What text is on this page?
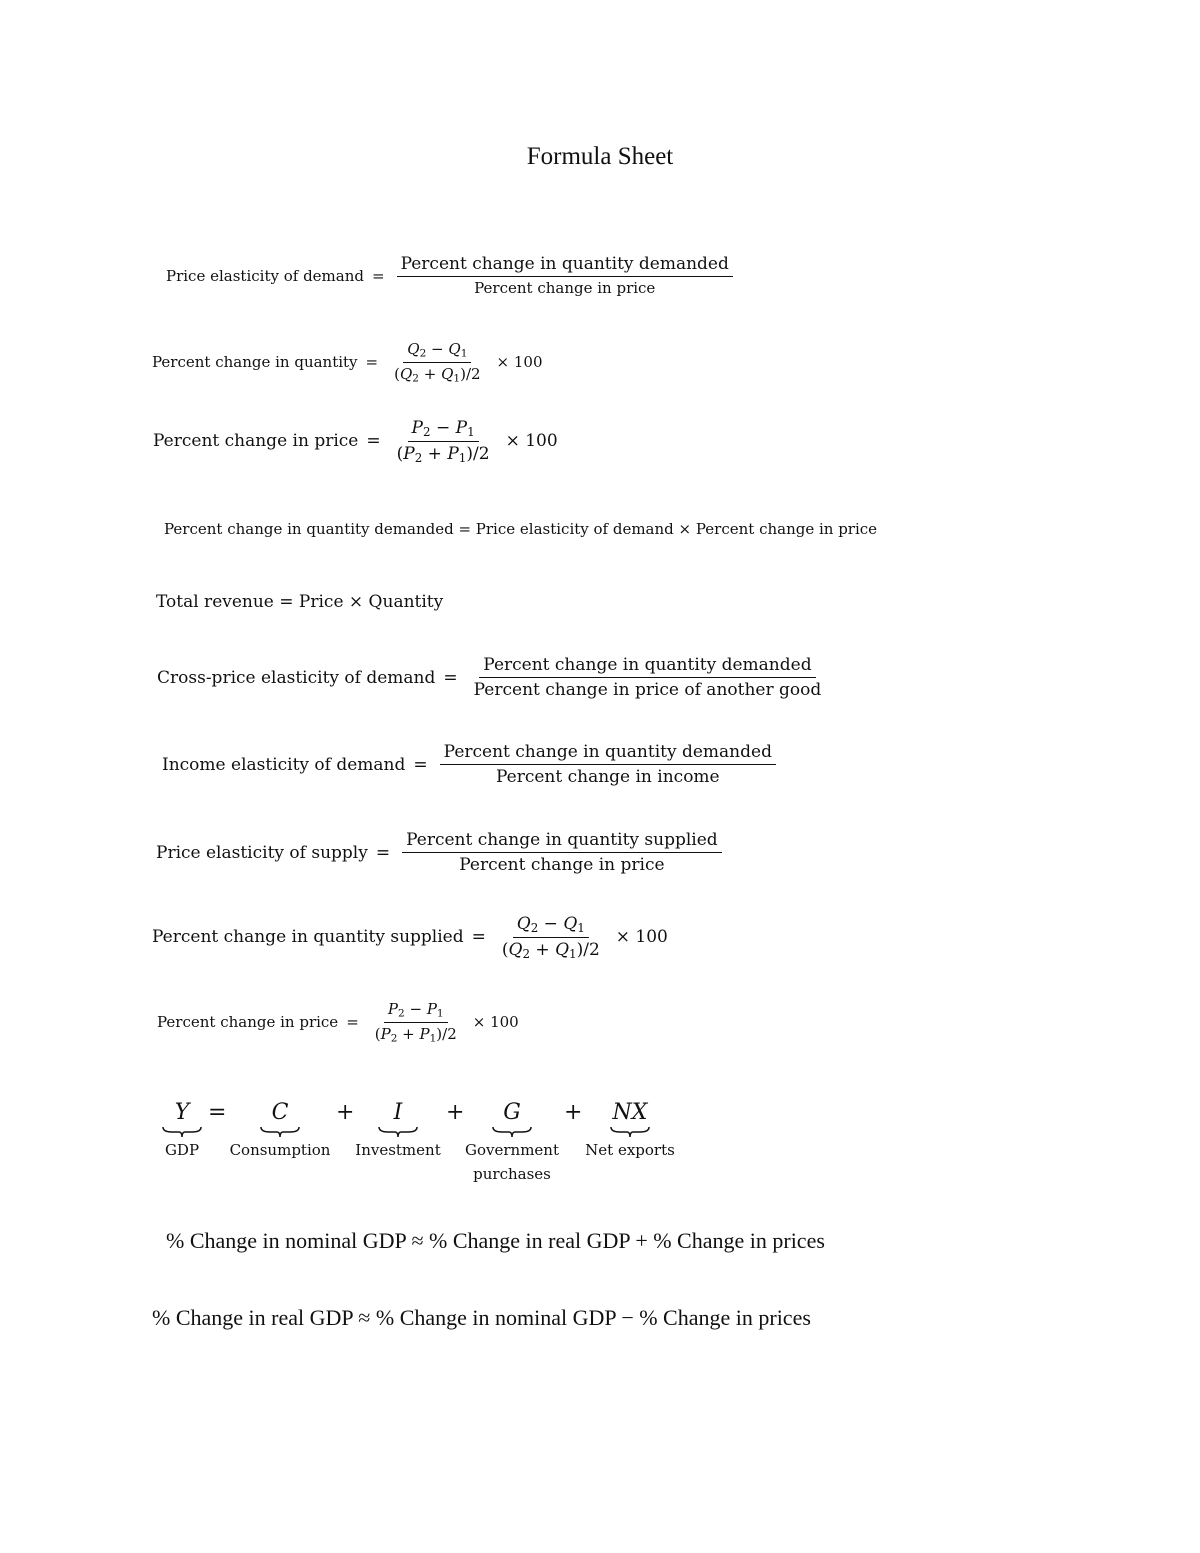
Formula Sheet
Price elasticity of demand = $\frac{\text{Percent change in quantity demanded}}{\text{Percent change in price}}$
Percent change in quantity = $\frac{Q_2 - Q_1}{(Q_2 + Q_1)/2} \times 100$
Percent change in price = $\frac{P_2 - P_1}{(P_2 + P_1)/2} \times 100$
Percent change in quantity demanded = Price elasticity of demand × Percent change in price
Total revenue = Price × Quantity
Cross-price elasticity of demand = $\frac{\text{Percent change in quantity demanded}}{\text{Percent change in price of another good}}$
Income elasticity of demand = $\frac{\text{Percent change in quantity demanded}}{\text{Percent change in income}}$
Price elasticity of supply = $\frac{\text{Percent change in quantity supplied}}{\text{Percent change in price}}$
Percent change in quantity supplied = $\frac{Q_2 - Q_1}{(Q_2 + Q_1)/2} \times 100$
Percent change in price = $\frac{P_2 - P_1}{(P_2 + P_1)/2} \times 100$
Y
GDP
= C
Consumption
+ I
Investment
+ G
Government purchases
+ NX
Net exports
% Change in nominal GDP ≈ % Change in real GDP + % Change in prices
% Change in real GDP ≈ % Change in nominal GDP − % Change in prices
